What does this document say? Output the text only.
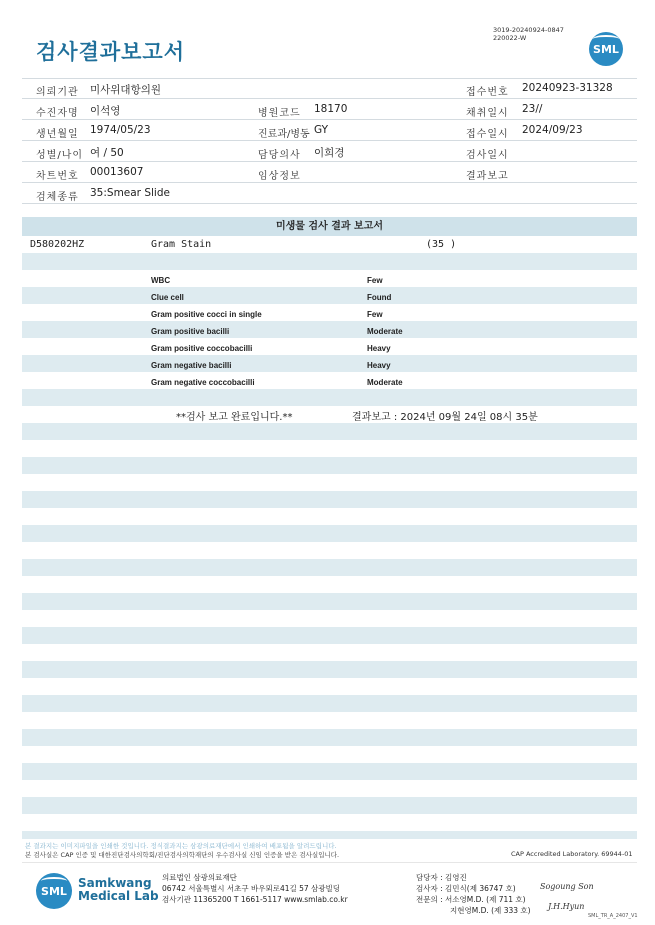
검사결과보고서
3019-20240924-0847
220022-W
SML
의뢰기관 미사위대항의원	접수번호 20240923-31328
수진자명 이석영	병원코드 18170	채취일시 23//
생년월일 1974/05/23	진료과/병동 GY	접수일시 2024/09/23
성별/나이 여 / 50	담당의사 이희경	검사일시
차트번호 00013607	임상정보	결과보고
검체종류 35:Smear Slide
미생물 검사 결과 보고서
D580202HZ	Gram Stain	(35 )
WBC	Few
Clue cell	Found
Gram positive cocci in single	Few
Gram positive bacilli	Moderate
Gram positive coccobacilli	Heavy
Gram negative bacilli	Heavy
Gram negative coccobacilli	Moderate
**검사 보고 완료입니다.**	결과보고 : 2024년 09월 24일 08시 35분
본 결과지는 이미지파일을 인쇄한 것입니다. 정식결과지는 삼광의료재단에서 인쇄하여 배포됨을 알려드립니다.
본 검사실은 CAP 인증 및 대한진단검사의학회/진단검사의학재단의 우수검사실 신임 인증을 받은 검사실입니다.	CAP Accredited Laboratory. 69944-01
SML
Samkwang
Medical Lab
의료법인 삼광의료재단
06742 서울특별시 서초구 바우뫼로41길 57 삼광빌딩
검사기관 11365200 T 1661-5117 www.smlab.co.kr
담당자 : 김영진
검사자 : 김민식(제 36747 호)
전문의 : 서소영M.D. (제 711 호)
지현영M.D. (제 333 호)
Sogoung Son
J.H.Hyun
SML_TR_A_2407_V1
